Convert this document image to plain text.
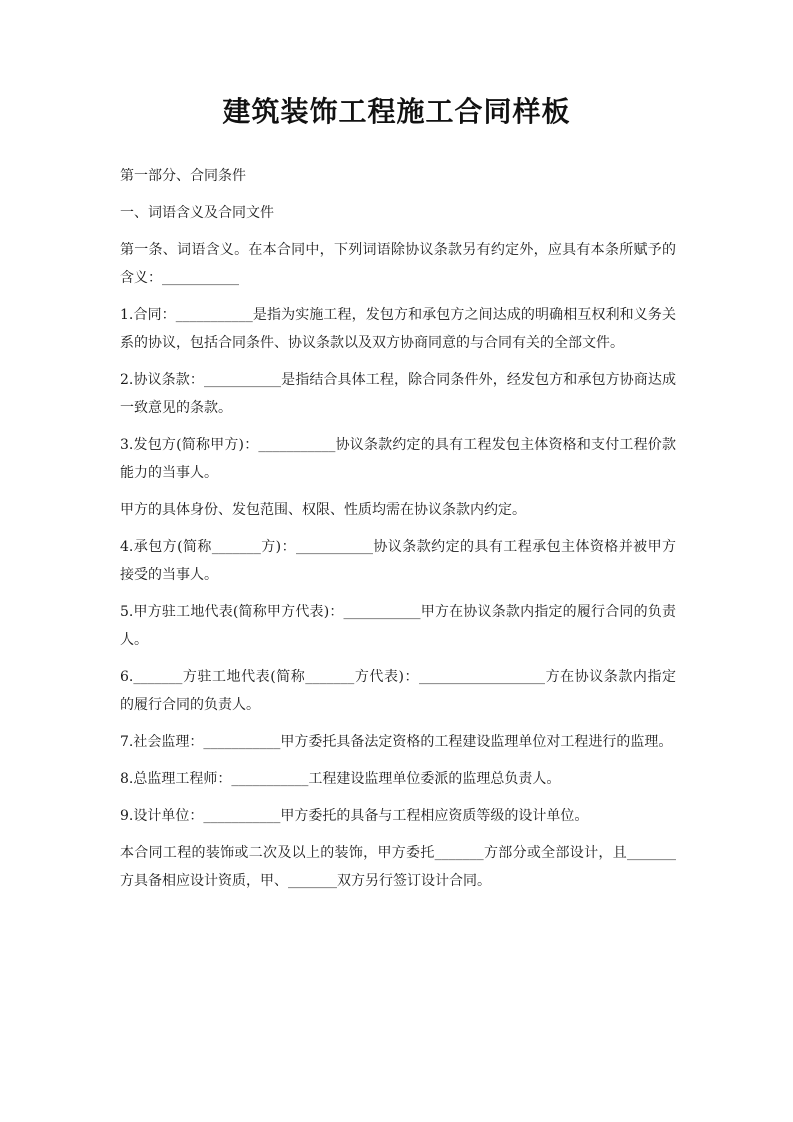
建筑装饰工程施工合同样板

第一部分、合同条件

一、词语含义及合同文件

第一条、词语含义。在本合同中，下列词语除协议条款另有约定外，应具有本条所赋予的含义：___________

1.合同：___________是指为实施工程，发包方和承包方之间达成的明确相互权利和义务关系的协议，包括合同条件、协议条款以及双方协商同意的与合同有关的全部文件。

2.协议条款：___________是指结合具体工程，除合同条件外，经发包方和承包方协商达成一致意见的条款。

3.发包方(简称甲方)：___________协议条款约定的具有工程发包主体资格和支付工程价款能力的当事人。

甲方的具体身份、发包范围、权限、性质均需在协议条款内约定。

4.承包方(简称_______方)：___________协议条款约定的具有工程承包主体资格并被甲方接受的当事人。

5.甲方驻工地代表(简称甲方代表)：___________甲方在协议条款内指定的履行合同的负责人。

6._______方驻工地代表(简称_______方代表)：__________________方在协议条款内指定的履行合同的负责人。

7.社会监理：___________甲方委托具备法定资格的工程建设监理单位对工程进行的监理。

8.总监理工程师：___________工程建设监理单位委派的监理总负责人。

9.设计单位：___________甲方委托的具备与工程相应资质等级的设计单位。

本合同工程的装饰或二次及以上的装饰，甲方委托_______方部分或全部设计，且_______方具备相应设计资质，甲、_______双方另行签订设计合同。
